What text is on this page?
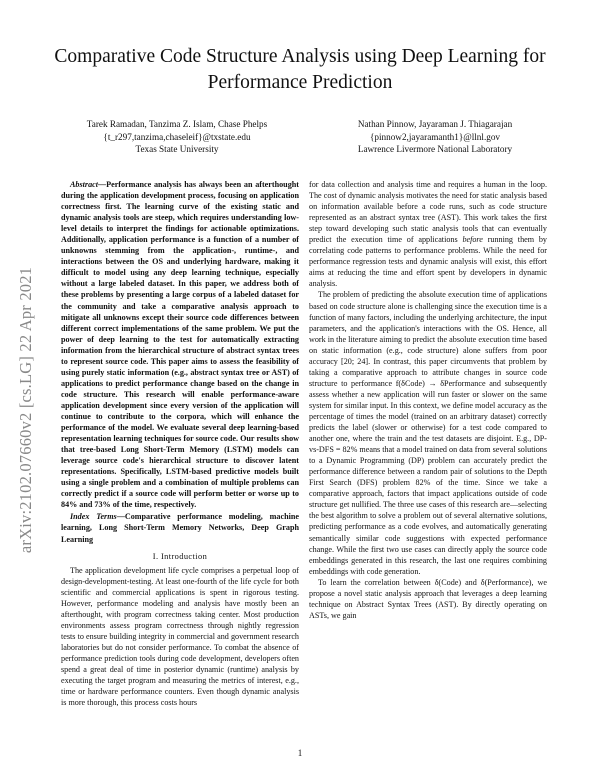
arXiv:2102.07660v2 [cs.LG] 22 Apr 2021
Comparative Code Structure Analysis using Deep Learning for Performance Prediction
Tarek Ramadan, Tanzima Z. Islam, Chase Phelps
{t_r297,tanzima,chaseleif}@txstate.edu
Texas State University
Nathan Pinnow, Jayaraman J. Thiagarajan
{pinnow2,jayaramanth1}@llnl.gov
Lawrence Livermore National Laboratory

Abstract—Performance analysis has always been an afterthought during the application development process, focusing on application correctness first. The learning curve of the existing static and dynamic analysis tools are steep, which requires understanding low-level details to interpret the findings for actionable optimizations. Additionally, application performance is a function of a number of unknowns stemming from the application-, runtime-, and interactions between the OS and underlying hardware, making it difficult to model using any deep learning technique, especially without a large labeled dataset. In this paper, we address both of these problems by presenting a large corpus of a labeled dataset for the community and take a comparative analysis approach to mitigate all unknowns except their source code differences between different correct implementations of the same problem. We put the power of deep learning to the test for automatically extracting information from the hierarchical structure of abstract syntax trees to represent source code. This paper aims to assess the feasibility of using purely static information (e.g., abstract syntax tree or AST) of applications to predict performance change based on the change in code structure. This research will enable performance-aware application development since every version of the application will continue to contribute to the corpora, which will enhance the performance of the model. We evaluate several deep learning-based representation learning techniques for source code. Our results show that tree-based Long Short-Term Memory (LSTM) models can leverage source code's hierarchical structure to discover latent representations. Specifically, LSTM-based predictive models built using a single problem and a combination of multiple problems can correctly predict if a source code will perform better or worse up to 84% and 73% of the time, respectively.

Index Terms—Comparative performance modeling, machine learning, Long Short-Term Memory Networks, Deep Graph Learning

I. Introduction

The application development life cycle comprises a perpetual loop of design-development-testing. At least one-fourth of the life cycle for both scientific and commercial applications is spent in rigorous testing. However, performance modeling and analysis have mostly been an afterthought, with program correctness taking center. Most production environments assess program correctness through nightly regression tests to ensure building integrity in commercial and government research laboratories but do not consider performance. To combat the absence of performance prediction tools during code development, developers often spend a great deal of time in posterior dynamic (runtime) analysis by executing the target program and measuring the metrics of interest, e.g., time or hardware performance counters. Even though dynamic analysis is more thorough, this process costs hours

for data collection and analysis time and requires a human in the loop. The cost of dynamic analysis motivates the need for static analysis based on information available before a code runs, such as code structure represented as an abstract syntax tree (AST). This work takes the first step toward developing such static analysis tools that can eventually predict the execution time of applications before running them by correlating code patterns to performance problems. While the need for performance regression tests and dynamic analysis will exist, this effort aims at reducing the time and effort spent by developers in dynamic analysis.

The problem of predicting the absolute execution time of applications based on code structure alone is challenging since the execution time is a function of many factors, including the underlying architecture, the input parameters, and the application's interactions with the OS. Hence, all work in the literature aiming to predict the absolute execution time based on static information (e.g., code structure) alone suffers from poor accuracy [20; 24]. In contrast, this paper circumvents that problem by taking a comparative approach to attribute changes in source code structure to performance f(δCode) → δPerformance and subsequently assess whether a new application will run faster or slower on the same system for similar input. In this context, we define model accuracy as the percentage of times the model (trained on an arbitrary dataset) correctly predicts the label (slower or otherwise) for a test code compared to another one, where the train and the test datasets are disjoint. E.g., DP-vs-DFS = 82% means that a model trained on data from several solutions to a Dynamic Programming (DP) problem can accurately predict the performance difference between a random pair of solutions to the Depth First Search (DFS) problem 82% of the time. Since we take a comparative approach, factors that impact applications outside of code structure get nullified. The three use cases of this research are—selecting the best algorithm to solve a problem out of several alternative solutions, predicting performance as a code evolves, and automatically generating semantically similar code suggestions with expected performance change. While the first two use cases can directly apply the source code embeddings generated in this research, the last one requires combining embeddings with code generation.

To learn the correlation between δ(Code) and δ(Performance), we propose a novel static analysis approach that leverages a deep learning technique on Abstract Syntax Trees (AST). By directly operating on ASTs, we gain

1
